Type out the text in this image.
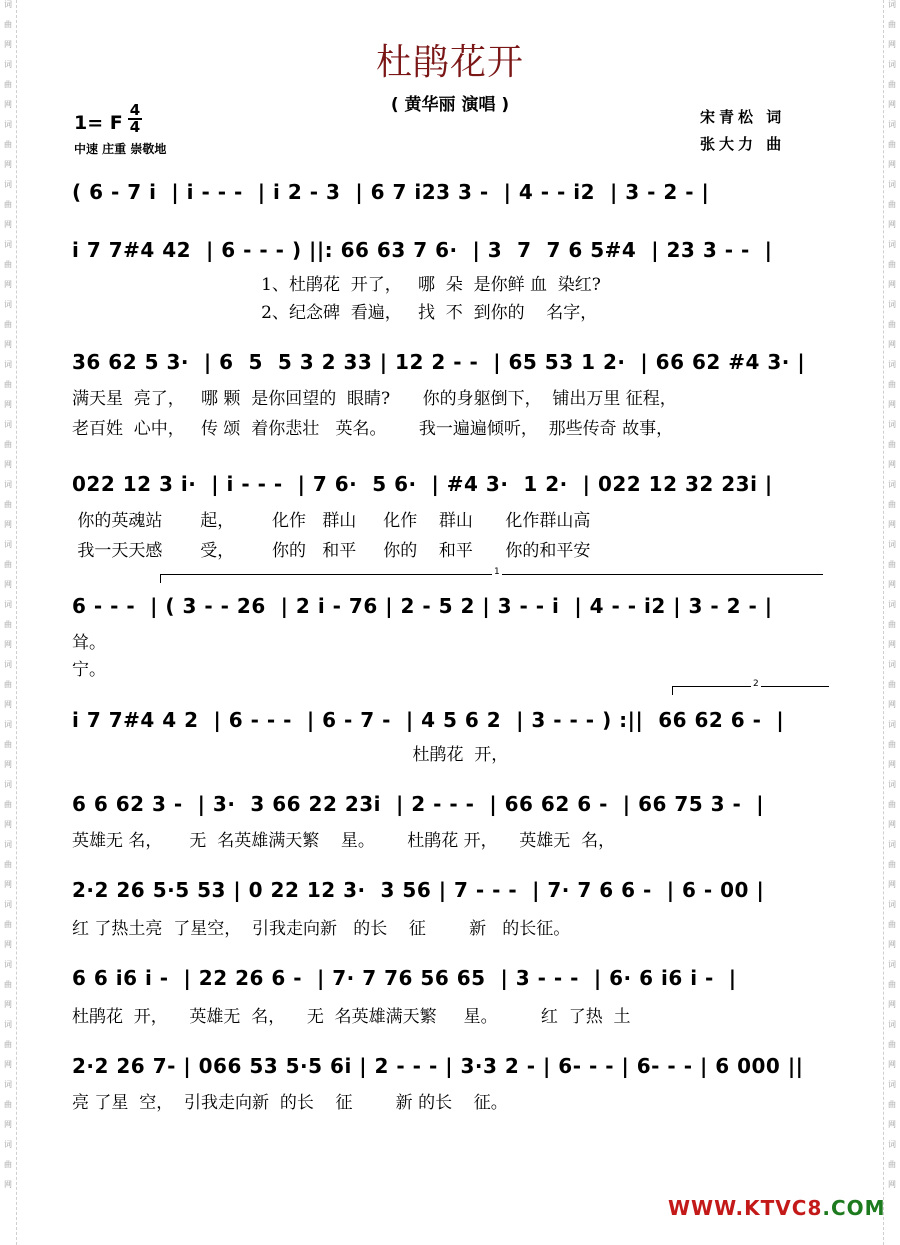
词
曲
网
词
曲
网
词
曲
网
词
曲
网
词
曲
网
词
曲
网
词
曲
网
词
曲
网
词
曲
网
词
曲
网
词
曲
网
词
曲
网
词
曲
网
词
曲
网
词
曲
网
词
曲
网
词
曲
网
词
曲
网
词
曲
网
词
曲
网
词
曲
网
词
曲
网
词
曲
网
词
曲
网
词
曲
网
词
曲
网
词
曲
网
词
曲
网
词
曲
网
词
曲
网
词
曲
网
词
曲
网
词
曲
网
词
曲
网
词
曲
网
词
曲
网
词
曲
网
词
曲
网
词
曲
网
词
曲
网
杜鹃花开
( 黄华丽 演唱 )
1= F
4
4
中速 庄重 崇敬地
宋青松 词
张大力 曲
( 6 - 7 i  | i - - -  | i 2 - 3  | 6 7 i23 3 -  | 4 - - i2  | 3 - 2 - |
i 7 7#4 42  | 6 - - - ) ||: 66 63 7 6·  | 3  7  7 6 5#4  | 23 3 - -  |
1、杜鹃花  开了，   哪  朵  是你鲜 血  染红?
2、纪念碑  看遍，   找  不  到你的    名字，
36 62 5 3·  | 6  5  5 3 2 33 | 12 2 - -  | 65 53 1 2·  | 66 62 #4 3· |
满天星  亮了，   哪 颗  是你回望的  眼睛?      你的身躯倒下，  铺出万里 征程，
老百姓  心中，   传 颂  着你悲壮   英名。      我一遍遍倾听，  那些传奇 故事，
022 12 3 i·  | i - - -  | 7 6·  5 6·  | #4 3·  1 2·  | 022 12 32 23i |
你的英魂站       起，       化作   群山     化作    群山      化作群山高
我一天天感       受，       你的   和平     你的    和平      你的和平安
1
6 - - -  | ( 3 - - 26  | 2 i - 76 | 2 - 5 2 | 3 - - i  | 4 - - i2 | 3 - 2 - |
耸。
宁。
2
i 7 7#4 4 2  | 6 - - -  | 6 - 7 -  | 4 5 6 2  | 3 - - - ) :||  66 62 6 -  |
杜鹃花  开，
6 6 62 3 -  | 3·  3 66 22 23i  | 2 - - -  | 66 62 6 -  | 66 75 3 -  |
英雄无 名，     无  名英雄满天繁    星。      杜鹃花 开，    英雄无  名，
2·2 26 5·5 53 | 0 22 12 3·  3 56 | 7 - - -  | 7· 7 6 6 -  | 6 - 00 |
红 了热土亮  了星空，  引我走向新   的长    征        新   的长征。
6 6 i6 i -  | 22 26 6 -  | 7· 7 76 56 65  | 3 - - -  | 6· 6 i6 i -  |
杜鹃花  开，    英雄无  名，    无  名英雄满天繁     星。        红  了热  土
2·2 26 7- | 066 53 5·5 6i | 2 - - - | 3·3 2 - | 6- - - | 6- - - | 6 000 ||
亮 了星  空，  引我走向新  的长    征        新 的长    征。
WWW.KTVC8.COM
